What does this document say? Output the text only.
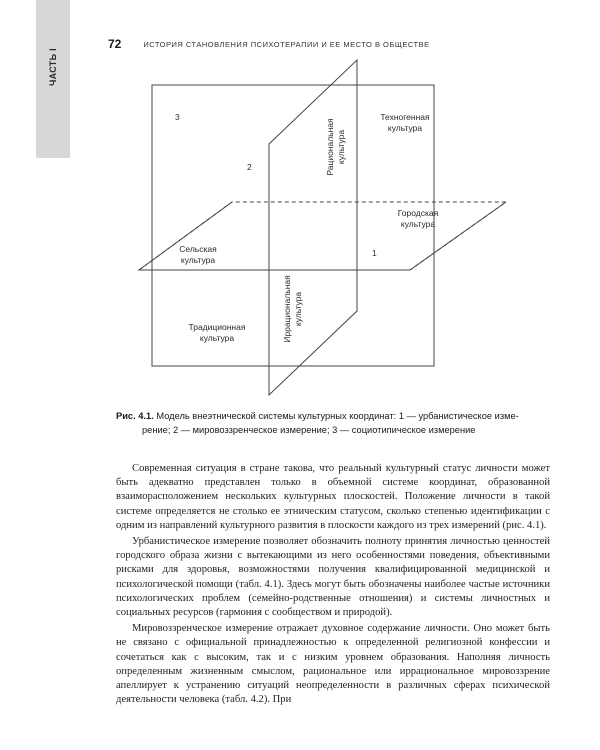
ЧАСТЬ I
72	ИСТОРИЯ СТАНОВЛЕНИЯ ПСИХОТЕРАПИИ И ЕЕ МЕСТО В ОБЩЕСТВЕ
3
2
1
Техногенная
культура
Рациональная
культура
Городская
культура
Сельская
культура
Иррациональная
культура
Традиционная
культура
Рис. 4.1. Модель внеэтнической системы культурных координат: 1 — урбанистическое изме-
рение; 2 — мировоззренческое измерение; 3 — социотипическое измерение

Современная ситуация в стране такова, что реальный культурный статус личности может быть адекватно представлен только в объемной системе координат, образованной взаиморасположением нескольких культурных плоскостей. Положение личности в такой системе определяется не столько ее этническим статусом, сколько степенью идентификации с одним из направлений культурного развития в плоскости каждого из трех измерений (рис. 4.1).

Урбанистическое измерение позволяет обозначить полноту принятия личностью ценностей городского образа жизни с вытекающими из него особенностями поведения, объективными рисками для здоровья, возможностями получения квалифицированной медицинской и психологической помощи (табл. 4.1). Здесь могут быть обозначены наиболее частые источники психологических проблем (семейно-родственные отношения) и системы личностных и социальных ресурсов (гармония с сообществом и природой).

Мировоззренческое измерение отражает духовное содержание личности. Оно может быть не связано с официальной принадлежностью к определенной религиозной конфессии и сочетаться как с высоким, так и с низким уровнем образования. Наполняя личность определенным жизненным смыслом, рациональное или иррациональное мировоззрение апеллирует к устранению ситуаций неопределенности в различных сферах психической деятельности человека (табл. 4.2). При
